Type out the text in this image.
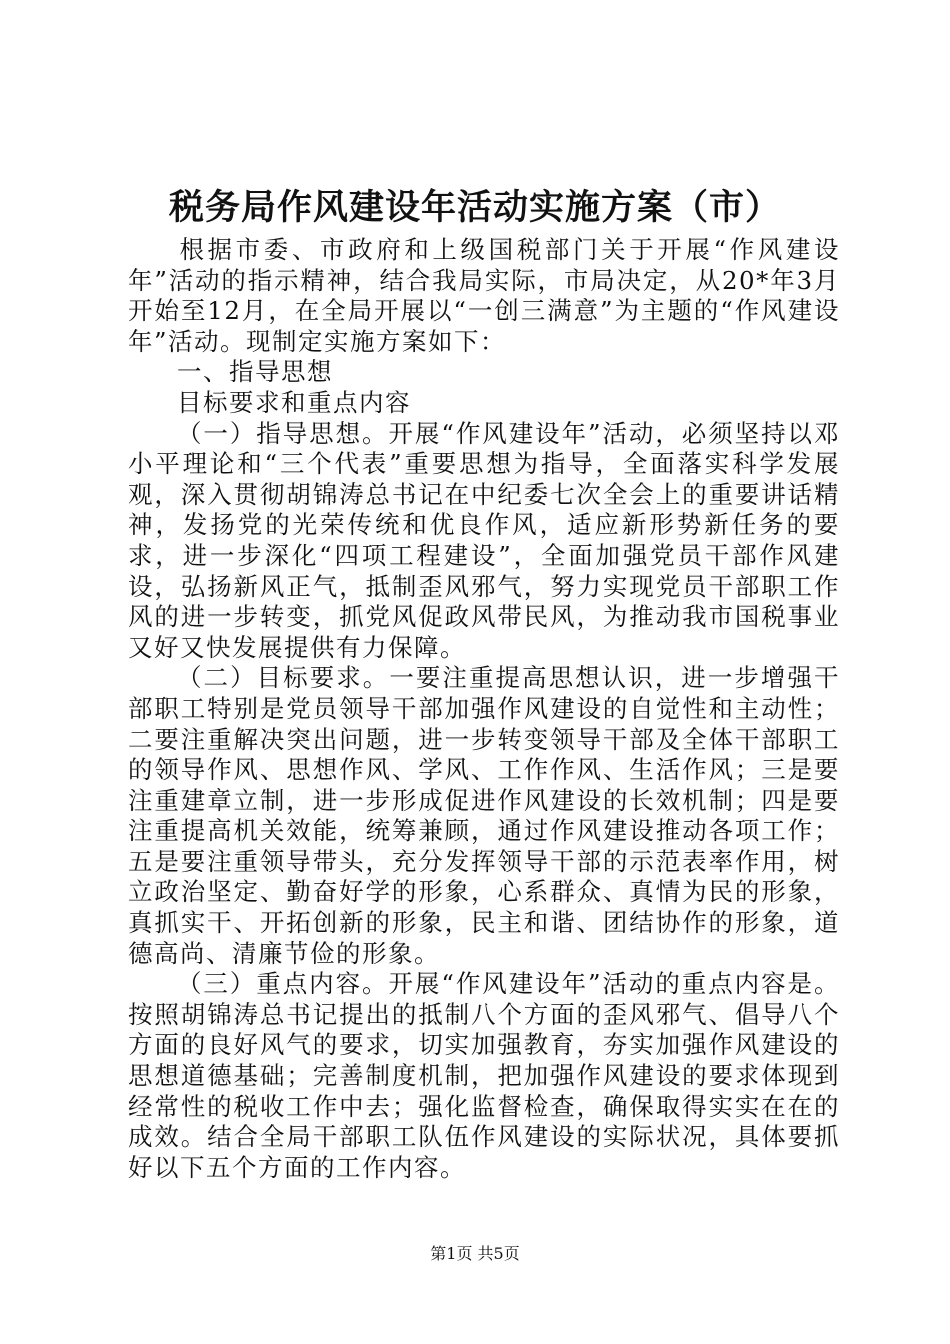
税务局作风建设年活动实施方案（市）

根据市委、市政府和上级国税部门关于开展“作风建设年”活动的指示精神，结合我局实际，市局决定，从20*年3月开始至12月，在全局开展以“一创三满意”为主题的“作风建设年”活动。现制定实施方案如下：

一、指导思想

目标要求和重点内容

（一）指导思想。开展“作风建设年”活动，必须坚持以邓小平理论和“三个代表”重要思想为指导，全面落实科学发展观，深入贯彻胡锦涛总书记在中纪委七次全会上的重要讲话精神，发扬党的光荣传统和优良作风，适应新形势新任务的要求，进一步深化“四项工程建设”，全面加强党员干部作风建设，弘扬新风正气，抵制歪风邪气，努力实现党员干部职工作风的进一步转变，抓党风促政风带民风，为推动我市国税事业又好又快发展提供有力保障。

（二）目标要求。一要注重提高思想认识，进一步增强干部职工特别是党员领导干部加强作风建设的自觉性和主动性；二要注重解决突出问题，进一步转变领导干部及全体干部职工的领导作风、思想作风、学风、工作作风、生活作风；三是要注重建章立制，进一步形成促进作风建设的长效机制；四是要注重提高机关效能，统筹兼顾，通过作风建设推动各项工作；五是要注重领导带头，充分发挥领导干部的示范表率作用，树立政治坚定、勤奋好学的形象，心系群众、真情为民的形象，真抓实干、开拓创新的形象，民主和谐、团结协作的形象，道德高尚、清廉节俭的形象。

（三）重点内容。开展“作风建设年”活动的重点内容是。按照胡锦涛总书记提出的抵制八个方面的歪风邪气、倡导八个方面的良好风气的要求，切实加强教育，夯实加强作风建设的思想道德基础；完善制度机制，把加强作风建设的要求体现到经常性的税收工作中去；强化监督检查，确保取得实实在在的成效。结合全局干部职工队伍作风建设的实际状况，具体要抓好以下五个方面的工作内容。

第1页 共5页
